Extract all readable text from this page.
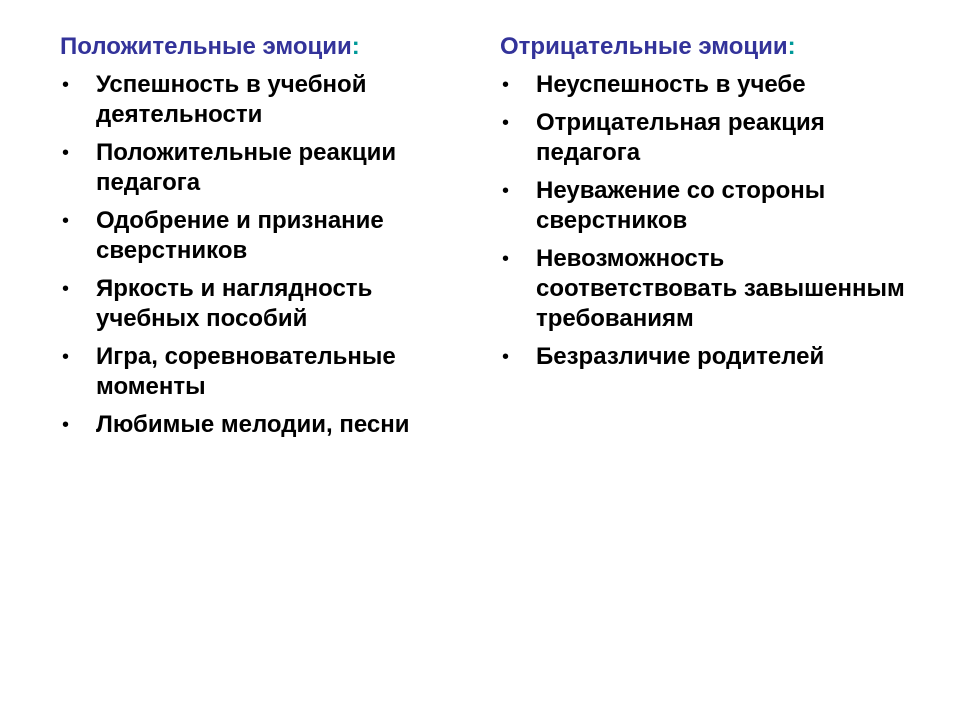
Положительные эмоции:
• Успешность в учебной деятельности
• Положительные реакции педагога
• Одобрение и признание сверстников
• Яркость и наглядность учебных пособий
• Игра, соревновательные моменты
• Любимые мелодии, песни
Отрицательные эмоции:
• Неуспешность в учебе
• Отрицательная реакция педагога
• Неуважение со стороны сверстников
• Невозможность соответствовать завышенным требованиям
• Безразличие родителей
